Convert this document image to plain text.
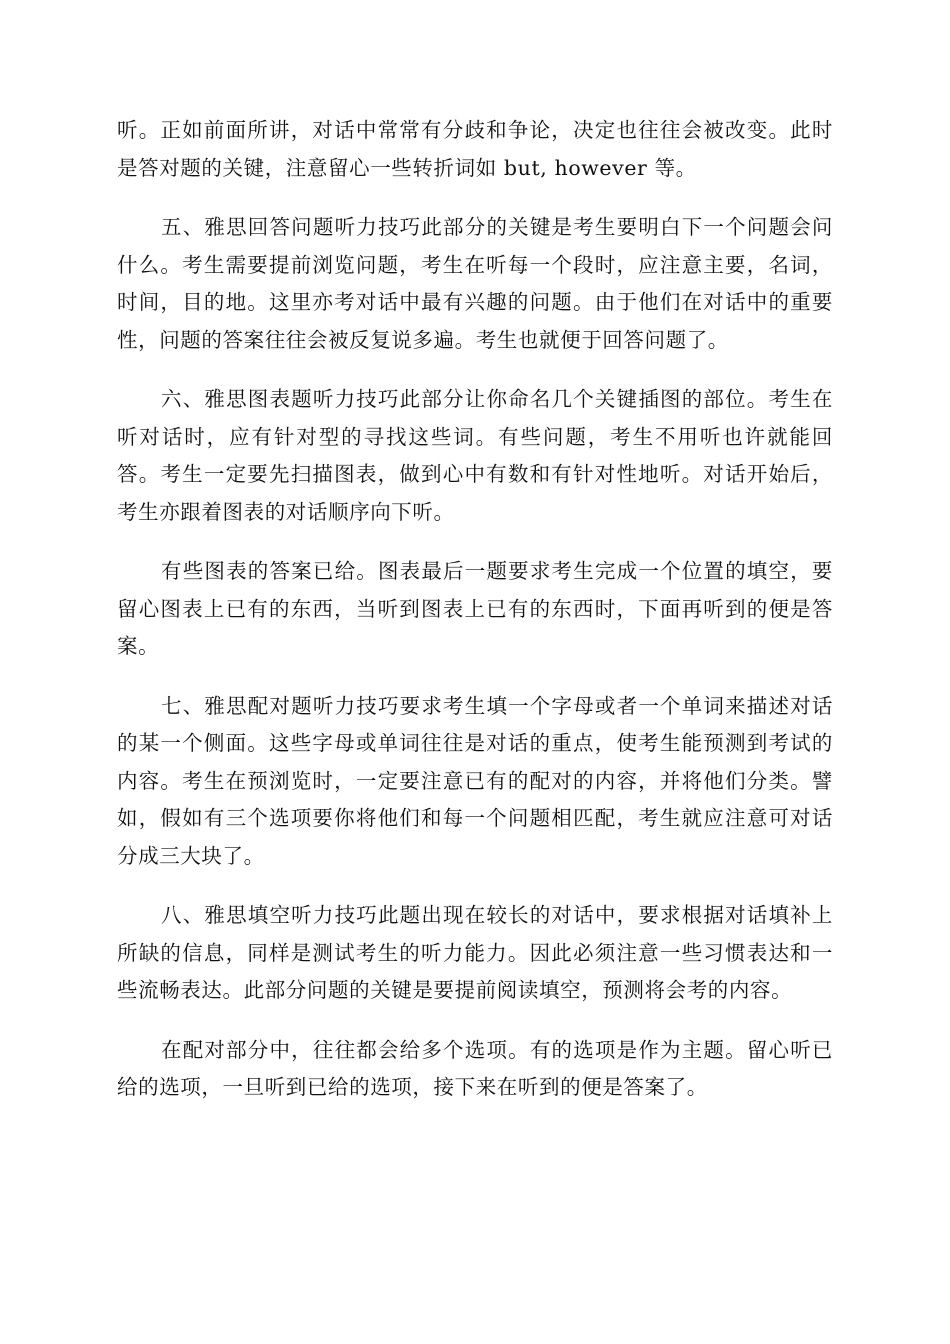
听。正如前面所讲，对话中常常有分歧和争论，决定也往往会被改变。此时是答对题的关键，注意留心一些转折词如 but, however 等。

五、雅思回答问题听力技巧此部分的关键是考生要明白下一个问题会问什么。考生需要提前浏览问题，考生在听每一个段时，应注意主要，名词，时间，目的地。这里亦考对话中最有兴趣的问题。由于他们在对话中的重要性，问题的答案往往会被反复说多遍。考生也就便于回答问题了。

六、雅思图表题听力技巧此部分让你命名几个关键插图的部位。考生在听对话时，应有针对型的寻找这些词。有些问题，考生不用听也许就能回答。考生一定要先扫描图表，做到心中有数和有针对性地听。对话开始后，考生亦跟着图表的对话顺序向下听。

有些图表的答案已给。图表最后一题要求考生完成一个位置的填空，要留心图表上已有的东西，当听到图表上已有的东西时，下面再听到的便是答案。

七、雅思配对题听力技巧要求考生填一个字母或者一个单词来描述对话的某一个侧面。这些字母或单词往往是对话的重点，使考生能预测到考试的内容。考生在预浏览时，一定要注意已有的配对的内容，并将他们分类。譬如，假如有三个选项要你将他们和每一个问题相匹配，考生就应注意可对话分成三大块了。

八、雅思填空听力技巧此题出现在较长的对话中，要求根据对话填补上所缺的信息，同样是测试考生的听力能力。因此必须注意一些习惯表达和一些流畅表达。此部分问题的关键是要提前阅读填空，预测将会考的内容。

在配对部分中，往往都会给多个选项。有的选项是作为主题。留心听已给的选项，一旦听到已给的选项，接下来在听到的便是答案了。
